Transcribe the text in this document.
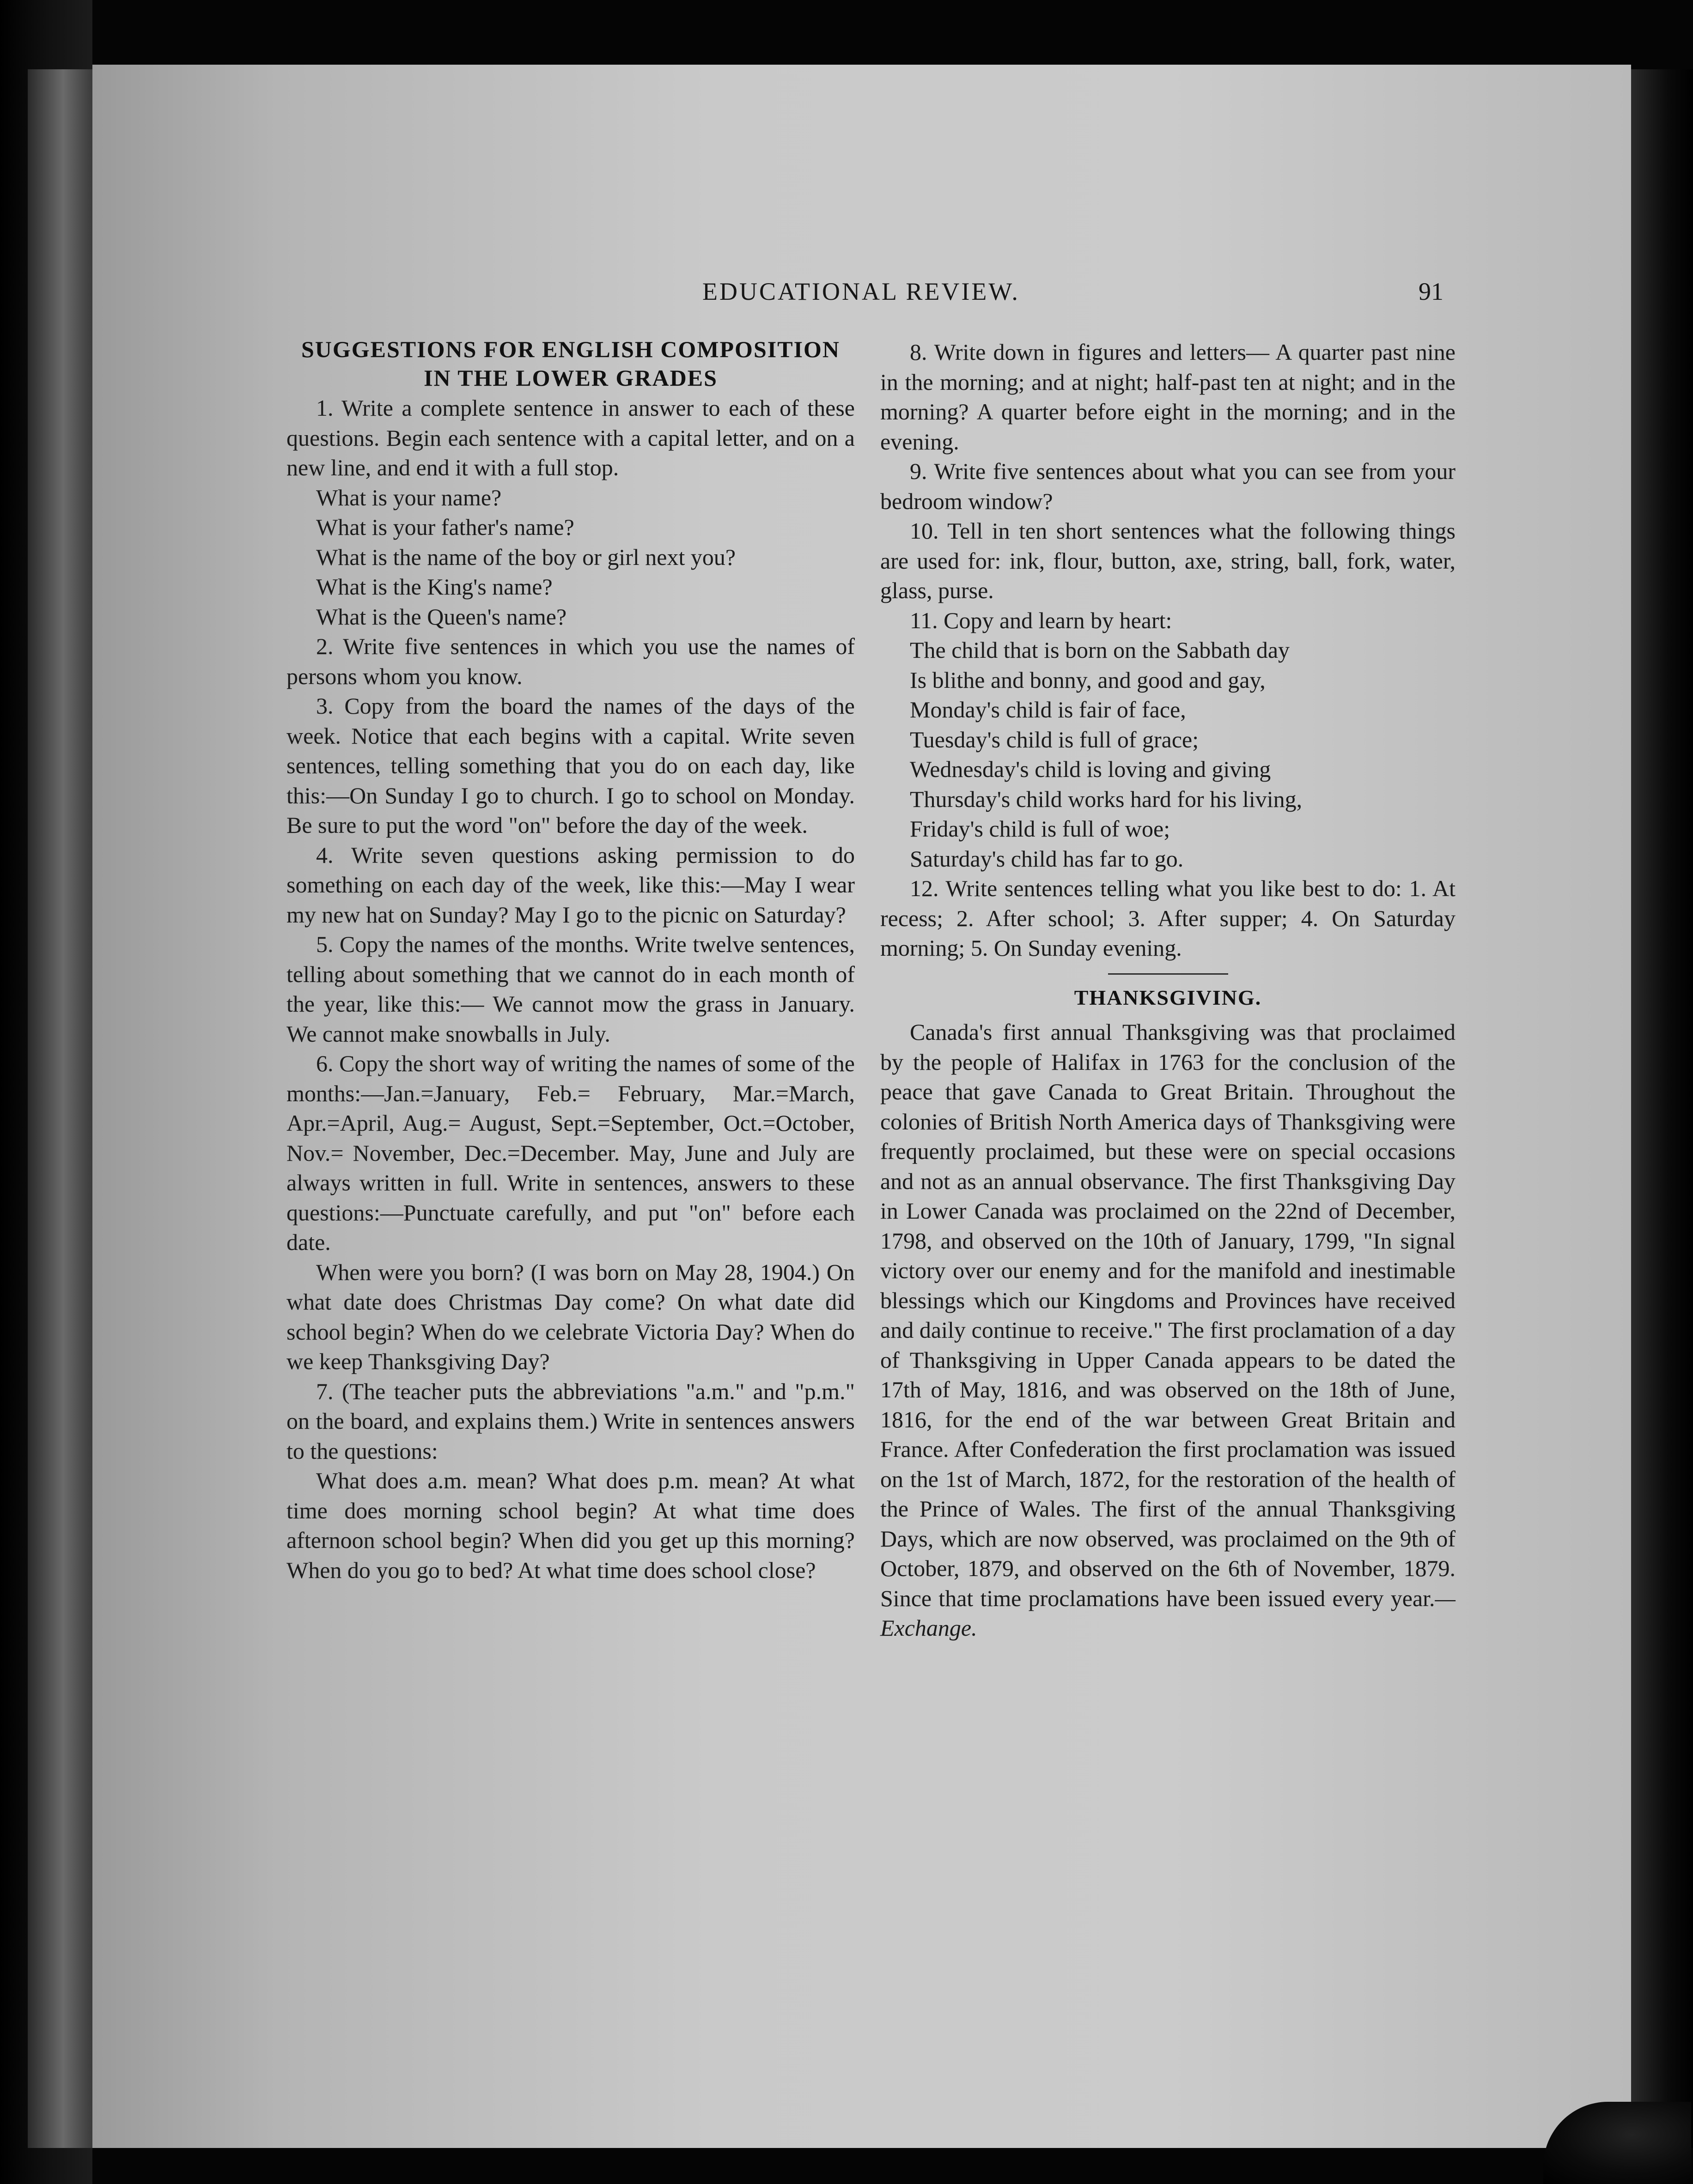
EDUCATIONAL REVIEW.	91
SUGGESTIONS FOR ENGLISH COMPOSITION IN THE LOWER GRADES

1. Write a complete sentence in answer to each of these questions. Begin each sentence with a capital letter, and on a new line, and end it with a full stop.

What is your name?

What is your father's name?

What is the name of the boy or girl next you?

What is the King's name?

What is the Queen's name?

2. Write five sentences in which you use the names of persons whom you know.

3. Copy from the board the names of the days of the week. Notice that each begins with a capital. Write seven sentences, telling something that you do on each day, like this:—On Sunday I go to church. I go to school on Monday. Be sure to put the word "on" before the day of the week.

4. Write seven questions asking permission to do something on each day of the week, like this:—May I wear my new hat on Sunday? May I go to the picnic on Saturday?

5. Copy the names of the months. Write twelve sentences, telling about something that we cannot do in each month of the year, like this:— We cannot mow the grass in January. We cannot make snowballs in July.

6. Copy the short way of writing the names of some of the months:—Jan.=January, Feb.= February, Mar.=March, Apr.=April, Aug.= August, Sept.=September, Oct.=October, Nov.= November, Dec.=December. May, June and July are always written in full. Write in sentences, answers to these questions:—Punctuate carefully, and put "on" before each date.

When were you born? (I was born on May 28, 1904.) On what date does Christmas Day come? On what date did school begin? When do we celebrate Victoria Day? When do we keep Thanksgiving Day?

7. (The teacher puts the abbreviations "a.m." and "p.m." on the board, and explains them.) Write in sentences answers to the questions:

What does a.m. mean? What does p.m. mean? At what time does morning school begin? At what time does afternoon school begin? When did you get up this morning? When do you go to bed? At what time does school close?

8. Write down in figures and letters— A quarter past nine in the morning; and at night; half-past ten at night; and in the morning? A quarter before eight in the morning; and in the evening.

9. Write five sentences about what you can see from your bedroom window?

10. Tell in ten short sentences what the following things are used for: ink, flour, button, axe, string, ball, fork, water, glass, purse.

11. Copy and learn by heart:

The child that is born on the Sabbath day

Is blithe and bonny, and good and gay,

Monday's child is fair of face,

Tuesday's child is full of grace;

Wednesday's child is loving and giving

Thursday's child works hard for his living,

Friday's child is full of woe;

Saturday's child has far to go.

12. Write sentences telling what you like best to do: 1. At recess; 2. After school; 3. After supper; 4. On Saturday morning; 5. On Sunday evening.

THANKSGIVING.

Canada's first annual Thanksgiving was that proclaimed by the people of Halifax in 1763 for the conclusion of the peace that gave Canada to Great Britain. Throughout the colonies of British North America days of Thanksgiving were frequently proclaimed, but these were on special occasions and not as an annual observance. The first Thanksgiving Day in Lower Canada was proclaimed on the 22nd of December, 1798, and observed on the 10th of January, 1799, "In signal victory over our enemy and for the manifold and inestimable blessings which our Kingdoms and Provinces have received and daily continue to receive." The first proclamation of a day of Thanksgiving in Upper Canada appears to be dated the 17th of May, 1816, and was observed on the 18th of June, 1816, for the end of the war between Great Britain and France. After Confederation the first proclamation was issued on the 1st of March, 1872, for the restoration of the health of the Prince of Wales. The first of the annual Thanksgiving Days, which are now observed, was proclaimed on the 9th of October, 1879, and observed on the 6th of November, 1879. Since that time proclamations have been issued every year.—Exchange.
